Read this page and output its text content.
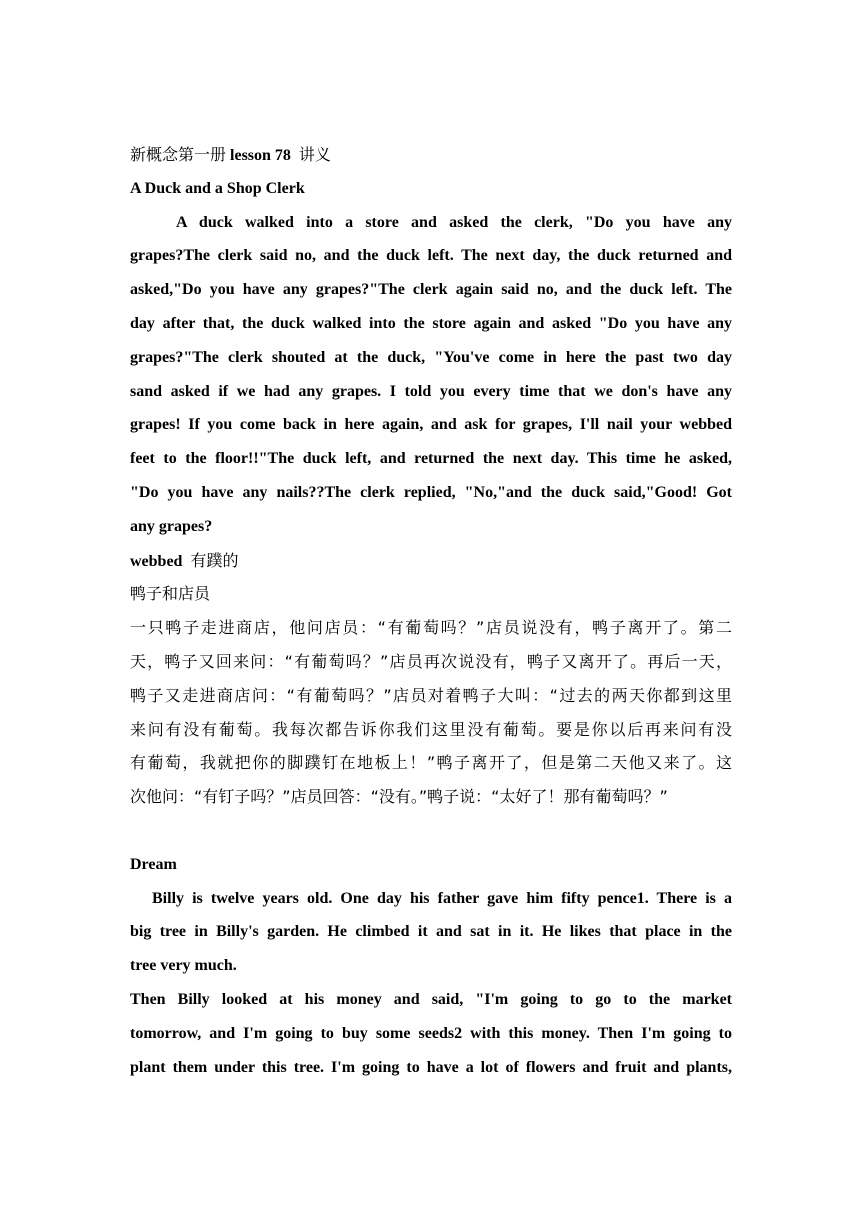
新概念第一册 lesson 78 讲义
A Duck and a Shop Clerk
A duck walked into a store and asked the clerk, "Do you have any
grapes?The clerk said no, and the duck left. The next day, the duck returned and
asked,"Do you have any grapes?"The clerk again said no, and the duck left. The
day after that, the duck walked into the store again and asked "Do you have any
grapes?"The clerk shouted at the duck, "You've come in here the past two day
sand asked if we had any grapes. I told you every time that we don's have any
grapes! If you come back in here again, and ask for grapes, I'll nail your webbed
feet to the floor!!"The duck left, and returned the next day. This time he asked,
"Do you have any nails??The clerk replied, "No,"and the duck said,"Good! Got
any grapes?
webbed 有蹼的
鸭子和店员
一只鸭子走进商店，他问店员：“有葡萄吗？”店员说没有，鸭子离开了。第二
天，鸭子又回来问：“有葡萄吗？”店员再次说没有，鸭子又离开了。再后一天，
鸭子又走进商店问：“有葡萄吗？”店员对着鸭子大叫：“过去的两天你都到这里
来问有没有葡萄。我每次都告诉你我们这里没有葡萄。要是你以后再来问有没
有葡萄，我就把你的脚蹼钉在地板上！”鸭子离开了，但是第二天他又来了。这
次他问：“有钉子吗？”店员回答：“没有。”鸭子说：“太好了！那有葡萄吗？”
Dream
Billy is twelve years old. One day his father gave him fifty pence1. There is a
big tree in Billy's garden. He climbed it and sat in it. He likes that place in the
tree very much.
Then Billy looked at his money and said, "I'm going to go to the market
tomorrow, and I'm going to buy some seeds2 with this money. Then I'm going to
plant them under this tree. I'm going to have a lot of flowers and fruit and plants,
